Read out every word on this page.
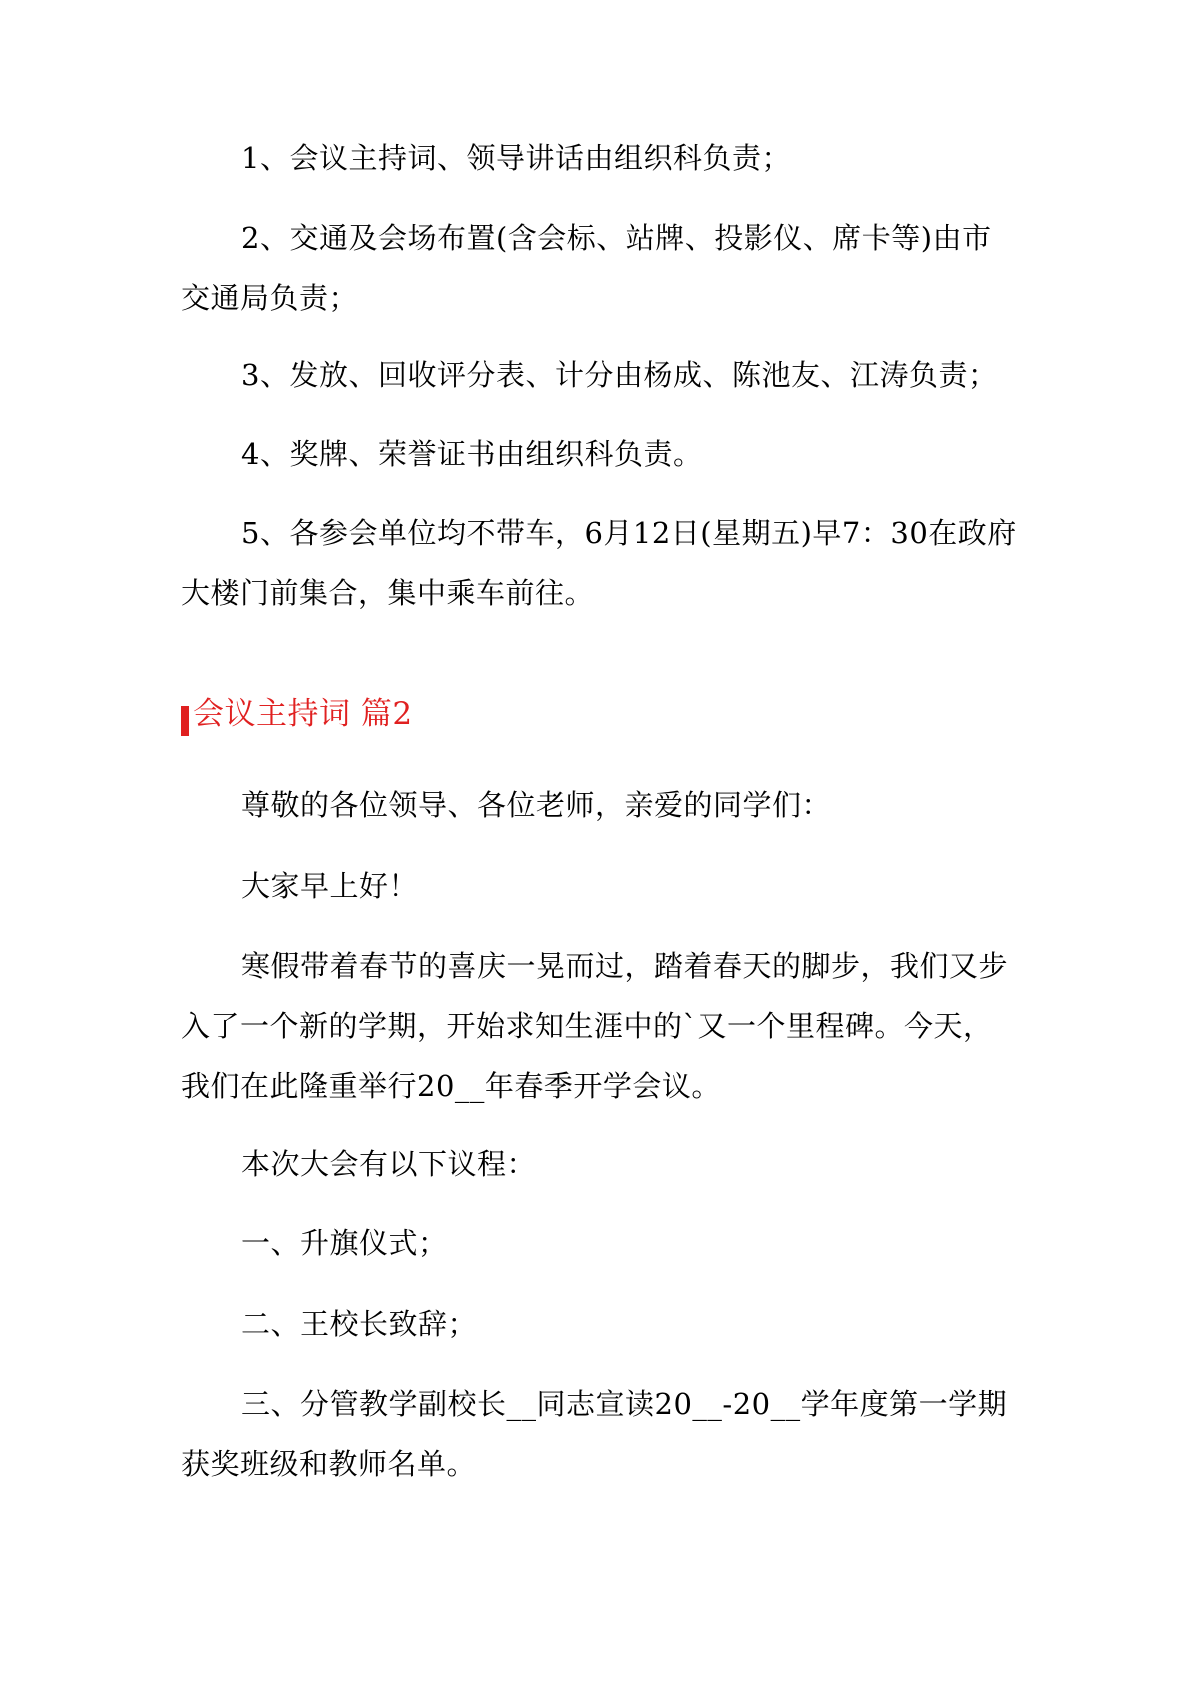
1、会议主持词、领导讲话由组织科负责；

2、交通及会场布置(含会标、站牌、投影仪、席卡等)由市交通局负责；

3、发放、回收评分表、计分由杨成、陈池友、江涛负责；

4、奖牌、荣誉证书由组织科负责。

5、各参会单位均不带车，6月12日(星期五)早7：30在政府大楼门前集合，集中乘车前往。

会议主持词 篇2

尊敬的各位领导、各位老师，亲爱的同学们：

大家早上好！

寒假带着春节的喜庆一晃而过，踏着春天的脚步，我们又步入了一个新的学期，开始求知生涯中的`又一个里程碑。今天，我们在此隆重举行20__年春季开学会议。

本次大会有以下议程：

一、升旗仪式；

二、王校长致辞；

三、分管教学副校长__同志宣读20__-20__学年度第一学期获奖班级和教师名单。
